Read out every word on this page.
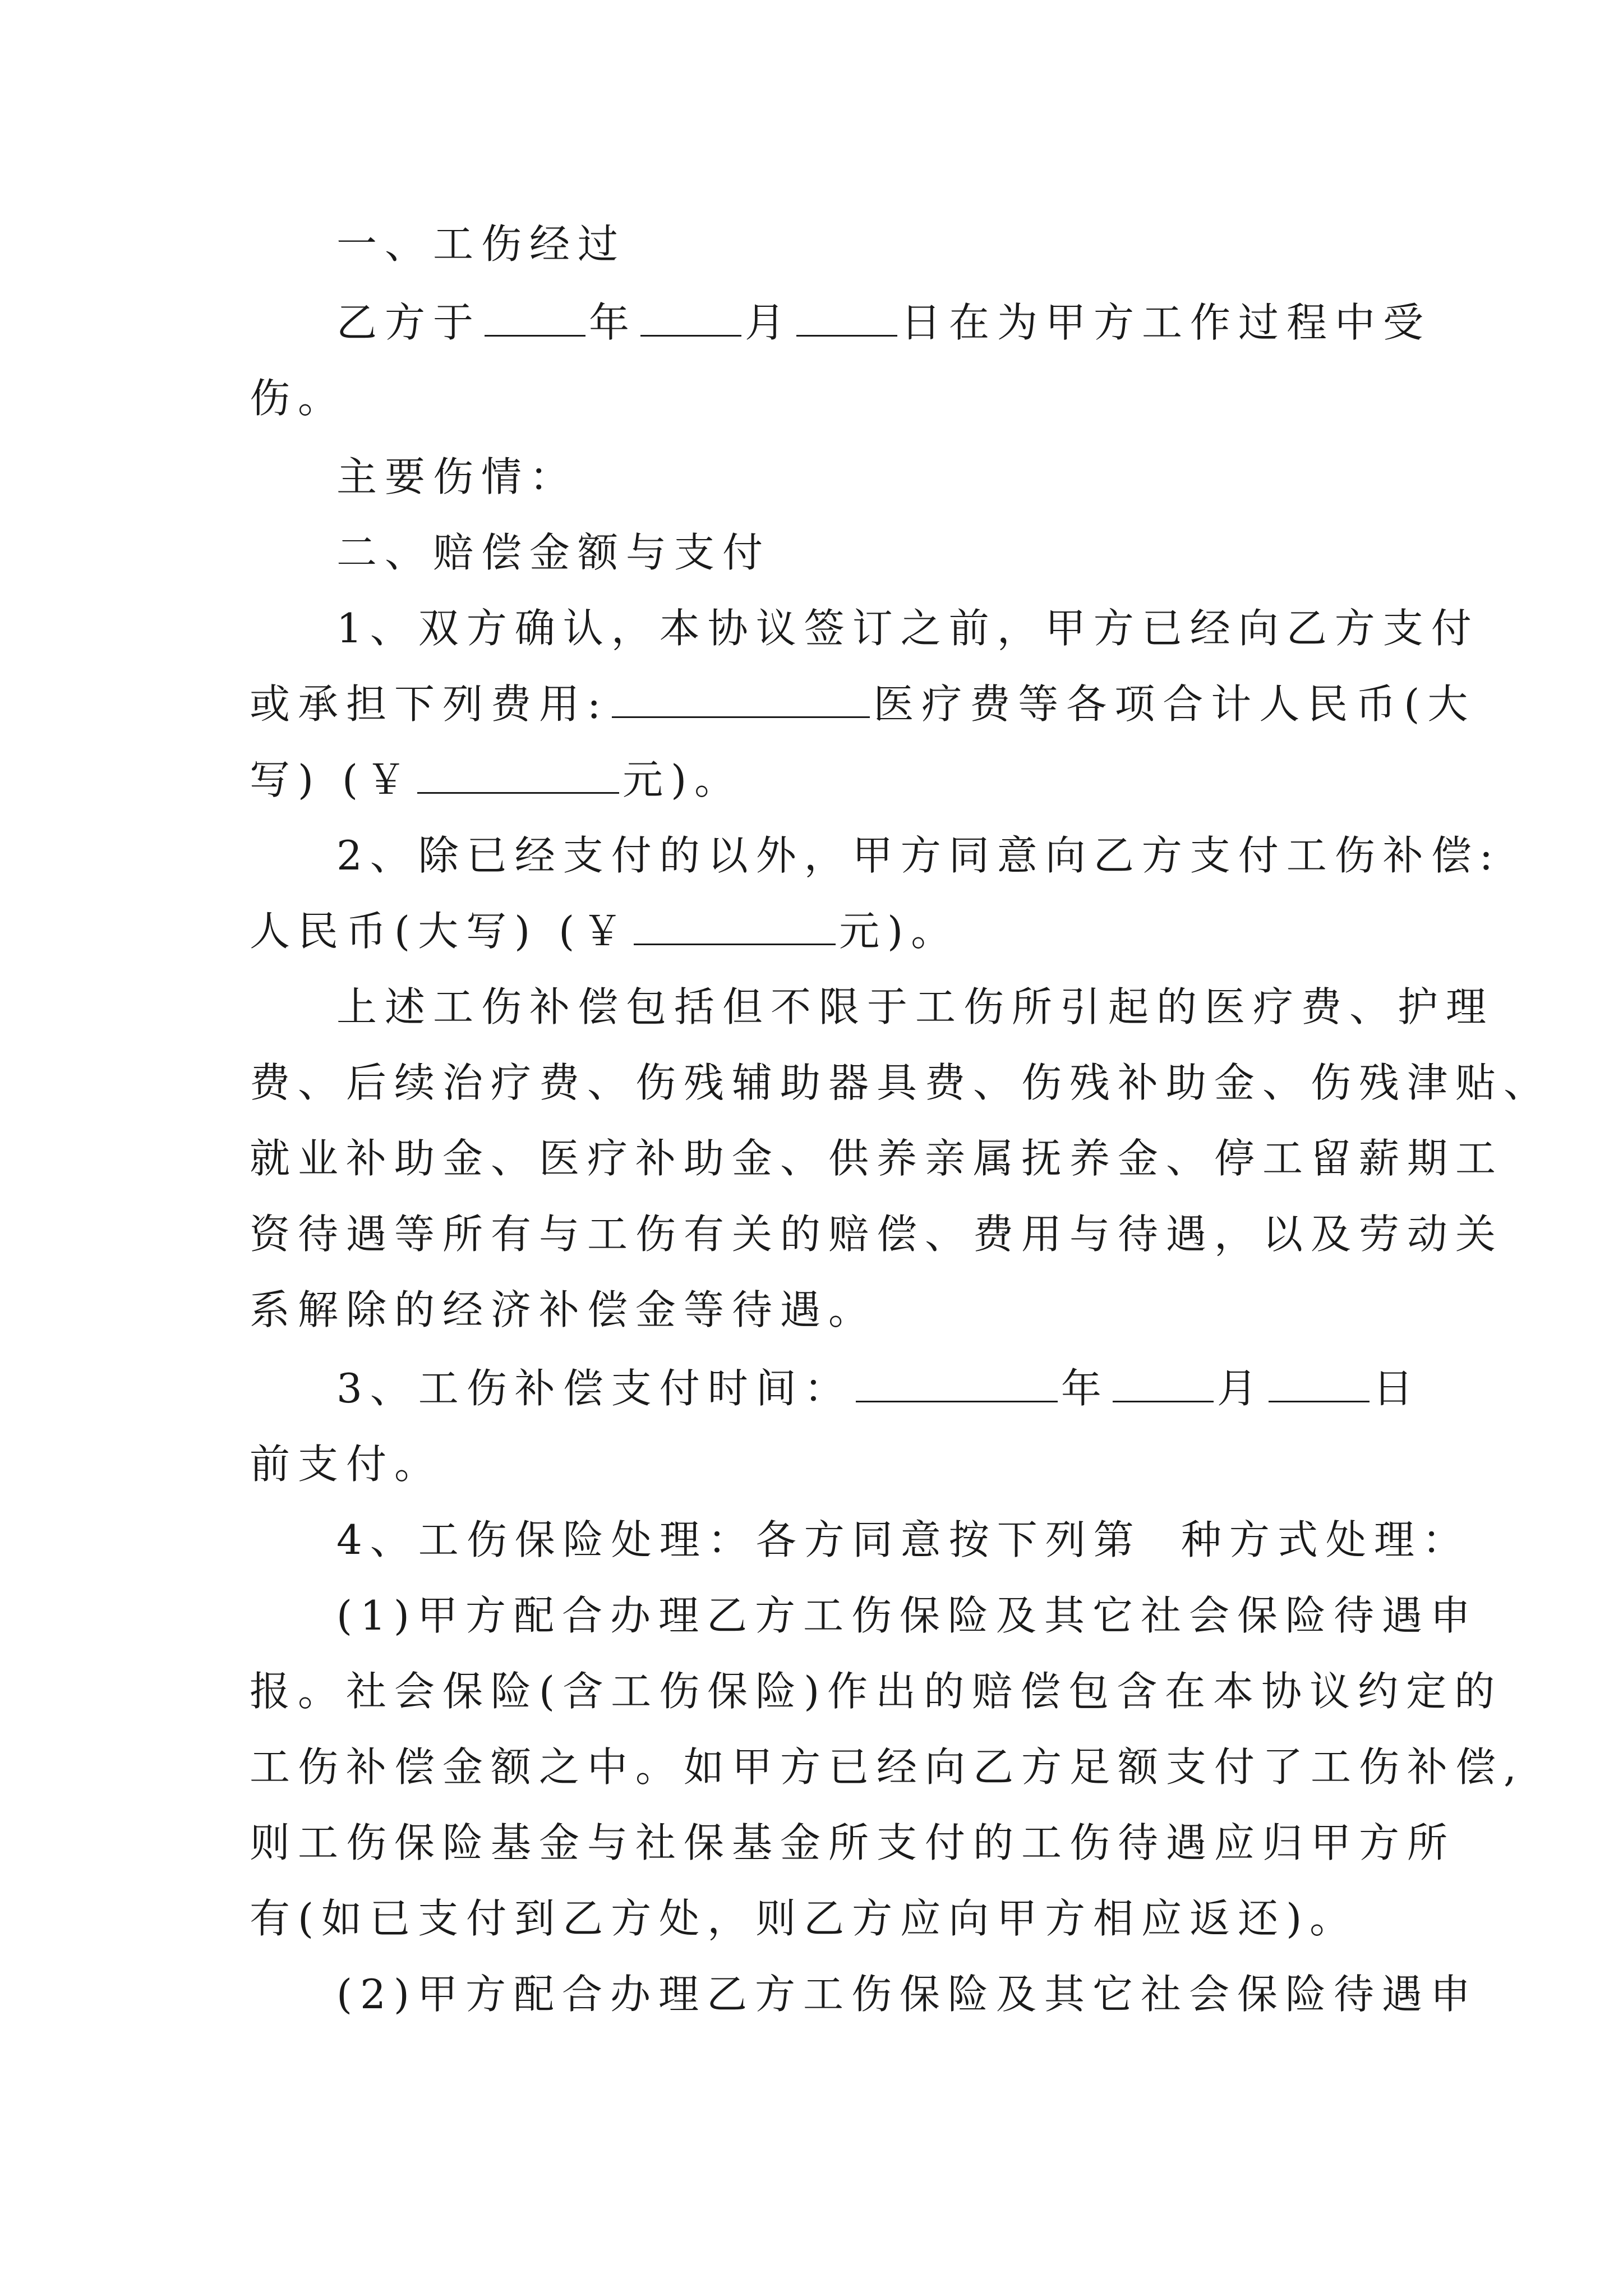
一、工伤经过
乙方于	年	月	日在为甲方工作过程中受
伤。
主要伤情：
二、赔偿金额与支付
1、双方确认，本协议签订之前，甲方已经向乙方支付
或承担下列费用:	医疗费等各项合计人民币(大
写) (￥	元)。
2、除已经支付的以外，甲方同意向乙方支付工伤补偿:
人民币(大写) (￥	元)。
上述工伤补偿包括但不限于工伤所引起的医疗费、护理
费、后续治疗费、伤残辅助器具费、伤残补助金、伤残津贴、
就业补助金、医疗补助金、供养亲属抚养金、停工留薪期工
资待遇等所有与工伤有关的赔偿、费用与待遇，以及劳动关
系解除的经济补偿金等待遇。
3、工伤补偿支付时间：	年	月	日
前支付。
4、工伤保险处理：各方同意按下列第 种方式处理：
(1)甲方配合办理乙方工伤保险及其它社会保险待遇申
报。社会保险(含工伤保险)作出的赔偿包含在本协议约定的
工伤补偿金额之中。如甲方已经向乙方足额支付了工伤补偿,
则工伤保险基金与社保基金所支付的工伤待遇应归甲方所
有(如已支付到乙方处，则乙方应向甲方相应返还)。
(2)甲方配合办理乙方工伤保险及其它社会保险待遇申
